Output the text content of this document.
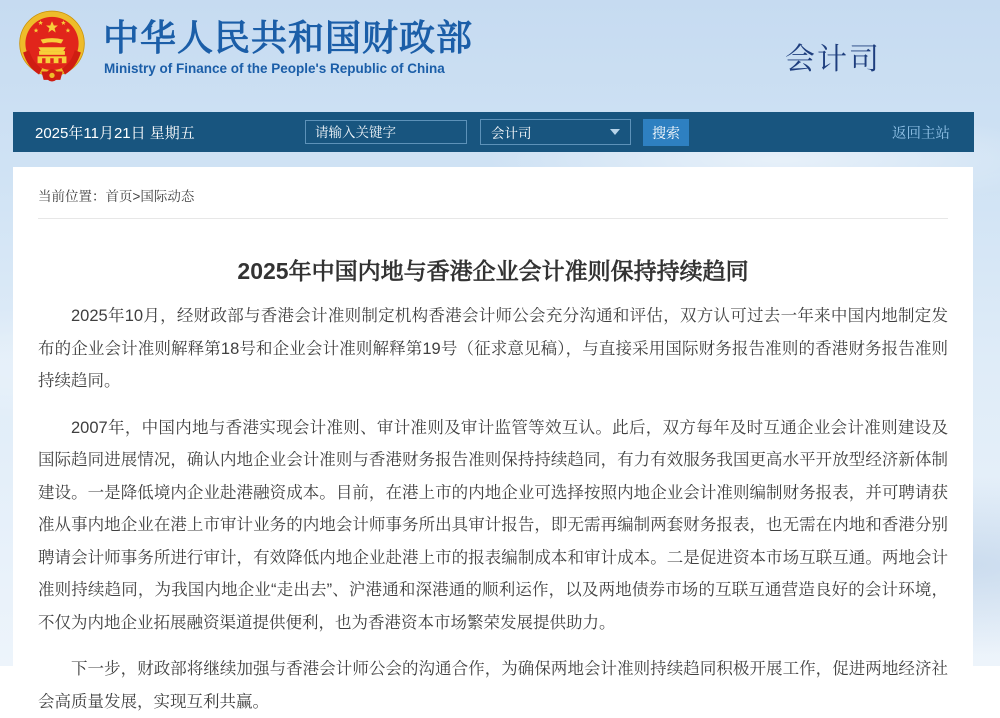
中华人民共和国财政部
Ministry of Finance of the People's Republic of China	会计司
2025年11月21日 星期五
请输入关键字	会计司	搜索	返回主站
当前位置：首页>国际动态
2025年中国内地与香港企业会计准则保持持续趋同

2025年10月，经财政部与香港会计准则制定机构香港会计师公会充分沟通和评估，双方认可过去一年来中国内地制定发布的企业会计准则解释第18号和企业会计准则解释第19号（征求意见稿），与直接采用国际财务报告准则的香港财务报告准则持续趋同。

2007年，中国内地与香港实现会计准则、审计准则及审计监管等效互认。此后，双方每年及时互通企业会计准则建设及国际趋同进展情况，确认内地企业会计准则与香港财务报告准则保持持续趋同，有力有效服务我国更高水平开放型经济新体制建设。一是降低境内企业赴港融资成本。目前，在港上市的内地企业可选择按照内地企业会计准则编制财务报表，并可聘请获准从事内地企业在港上市审计业务的内地会计师事务所出具审计报告，即无需再编制两套财务报表，也无需在内地和香港分别聘请会计师事务所进行审计，有效降低内地企业赴港上市的报表编制成本和审计成本。二是促进资本市场互联互通。两地会计准则持续趋同，为我国内地企业“走出去”、沪港通和深港通的顺利运作，以及两地债券市场的互联互通营造良好的会计环境，不仅为内地企业拓展融资渠道提供便利，也为香港资本市场繁荣发展提供助力。

下一步，财政部将继续加强与香港会计师公会的沟通合作，为确保两地会计准则持续趋同积极开展工作，促进两地经济社会高质量发展，实现互利共赢。
